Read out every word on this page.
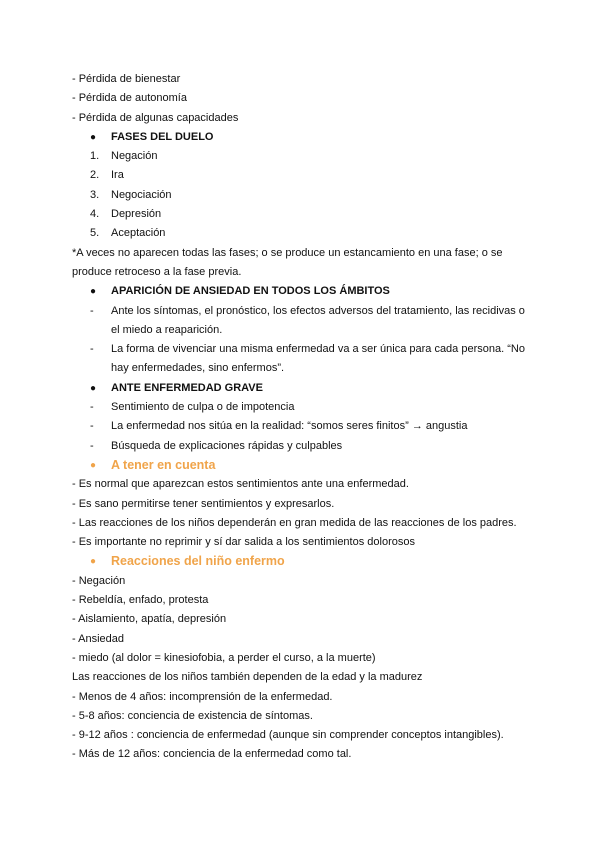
- Pérdida de bienestar
- Pérdida de autonomía
- Pérdida de algunas capacidades
●	FASES DEL DUELO
1.	Negación
2.	Ira
3.	Negociación
4.	Depresión
5.	Aceptación
*A veces no aparecen todas las fases; o se produce un estancamiento en una fase; o se produce retroceso a la fase previa.
●	APARICIÓN DE ANSIEDAD EN TODOS LOS ÁMBITOS
-	Ante los síntomas, el pronóstico, los efectos adversos del tratamiento, las recidivas o el miedo a reaparición.
-	La forma de vivenciar una misma enfermedad va a ser única para cada persona. “No hay enfermedades, sino enfermos”.
●	ANTE ENFERMEDAD GRAVE
-	Sentimiento de culpa o de impotencia
-	La enfermedad nos sitúa en la realidad: “somos seres finitos” → angustia
-	Búsqueda de explicaciones rápidas y culpables
●	A tener en cuenta
- Es normal que aparezcan estos sentimientos ante una enfermedad.
- Es sano permitirse tener sentimientos y expresarlos.
- Las reacciones de los niños dependerán en gran medida de las reacciones de los padres.
- Es importante no reprimir y sí dar salida a los sentimientos dolorosos
●	Reacciones del niño enfermo
- Negación
- Rebeldía, enfado, protesta
- Aislamiento, apatía, depresión
- Ansiedad
- miedo (al dolor = kinesiofobia, a perder el curso, a la muerte)
Las reacciones de los niños también dependen de la edad y la madurez
- Menos de 4 años: incomprensión de la enfermedad.
- 5-8 años: conciencia de existencia de síntomas.
- 9-12 años : conciencia de enfermedad (aunque sin comprender conceptos intangibles).
- Más de 12 años: conciencia de la enfermedad como tal.
